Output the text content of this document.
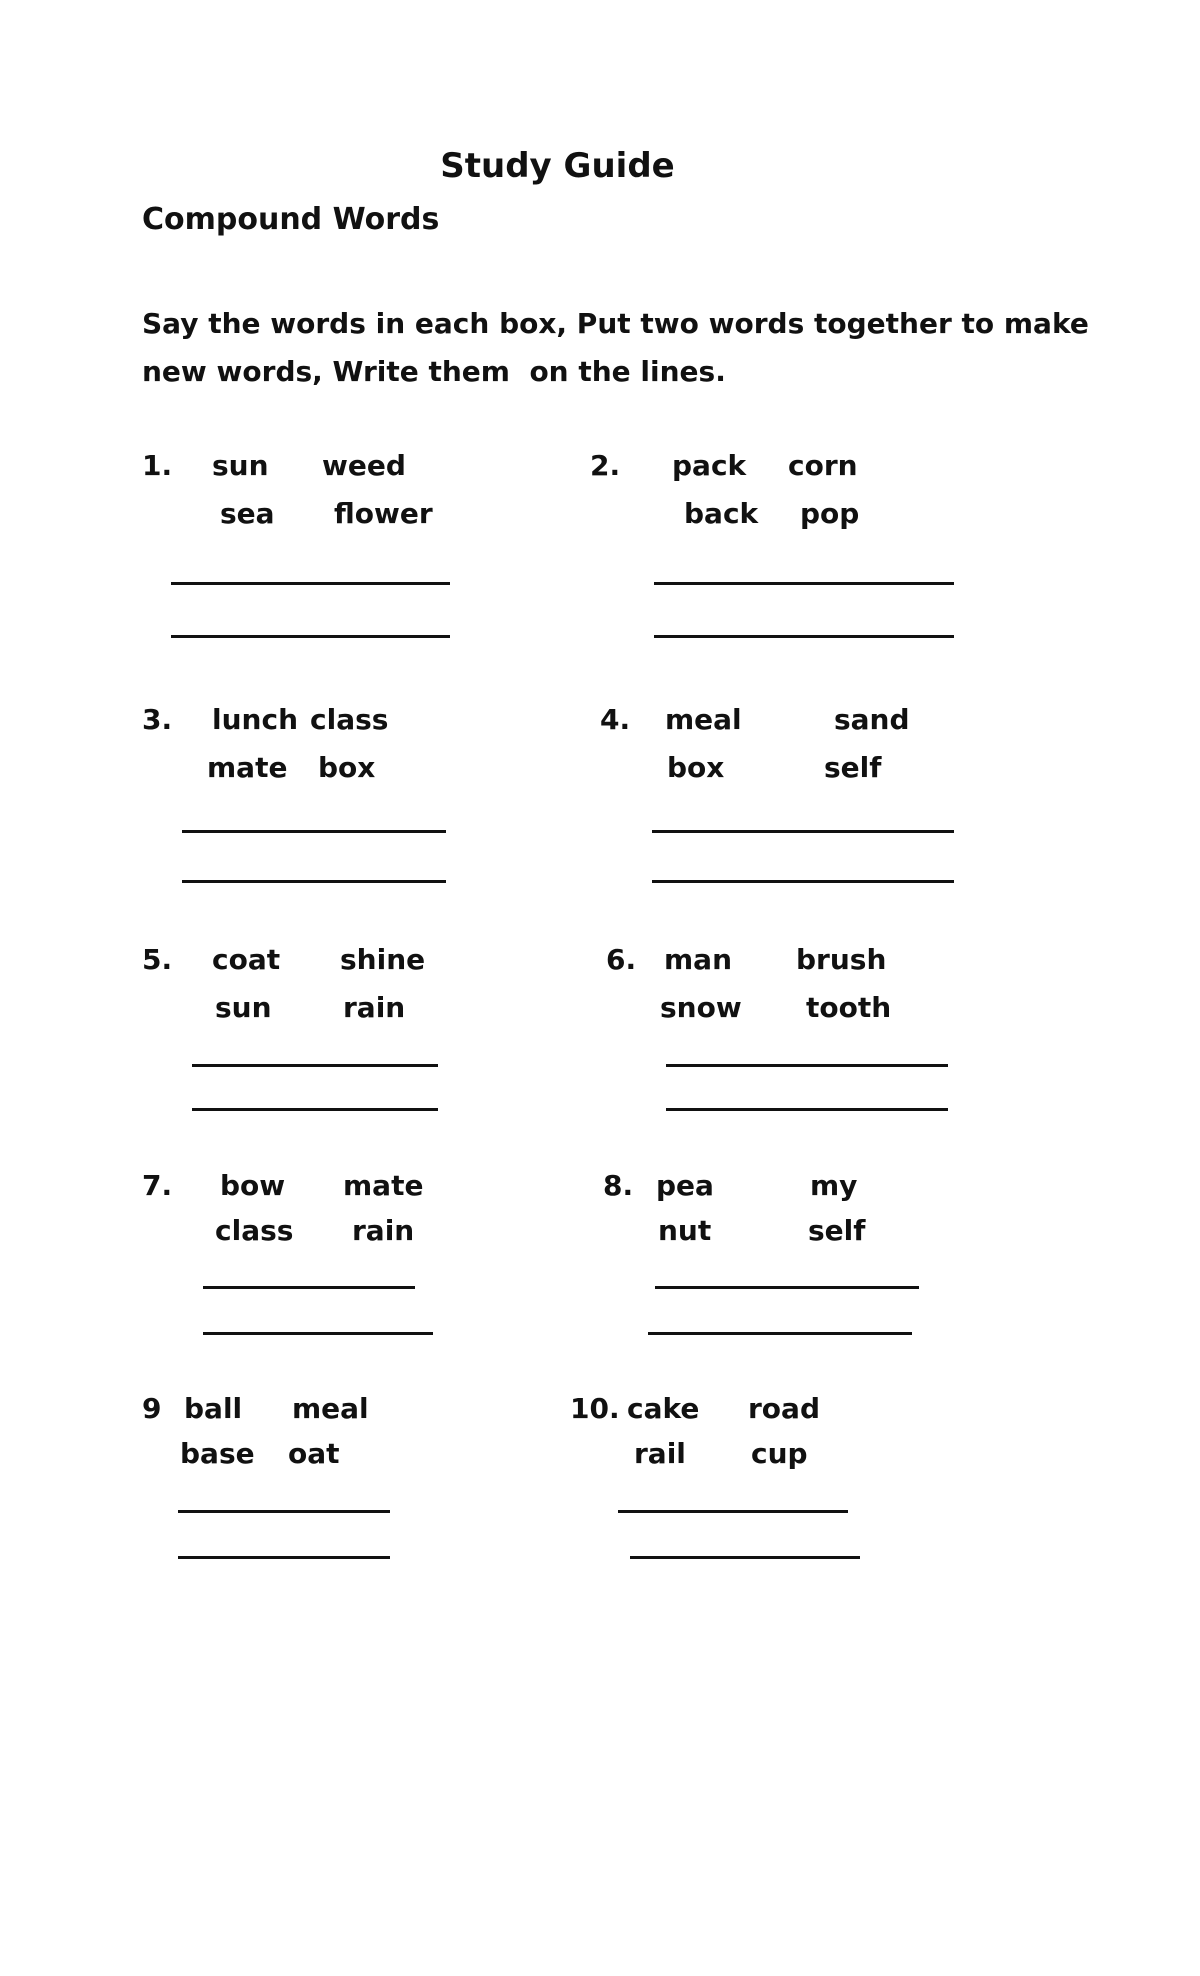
Study Guide
Compound Words
Say the words in each box, Put two words together to make
new words, Write them  on the lines.
1. sun weed
sea flower
2. pack corn
back pop
3. lunch class
mate box
4. meal	sand
box	self
5. coat shine
sun	rain
6. man brush
snow tooth
7. bow mate
class rain
8. pea	my
nut	self
9 ball meal
base oat
10. cake road
rail cup
